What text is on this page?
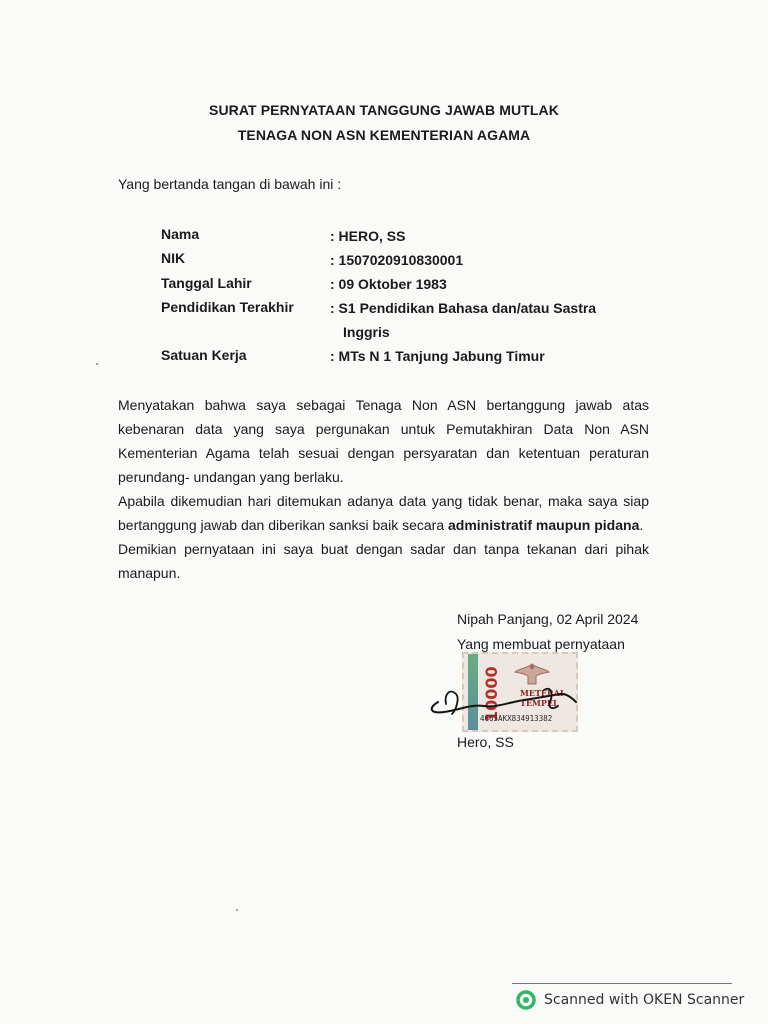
SURAT PERNYATAAN TANGGUNG JAWAB MUTLAK
TENAGA NON ASN KEMENTERIAN AGAMA
Yang bertanda tangan di bawah ini :
Nama	: HERO, SS
NIK	: 1507020910830001
Tanggal Lahir	: 09 Oktober 1983
Pendidikan Terakhir	: S1 Pendidikan Bahasa dan/atau Sastra
Inggris
Satuan Kerja	: MTs N 1 Tanjung Jabung Timur

Menyatakan bahwa saya sebagai Tenaga Non ASN bertanggung jawab atas kebenaran data yang saya pergunakan untuk Pemutakhiran Data Non ASN Kementerian Agama telah sesuai dengan persyaratan dan ketentuan peraturan perundang- undangan yang berlaku.

Apabila dikemudian hari ditemukan adanya data yang tidak benar, maka saya siap bertanggung jawab dan diberikan sanksi baik secara administratif maupun pidana.

Demikian pernyataan ini saya buat dengan sadar dan tanpa tekanan dari pihak manapun.

Nipah Panjang, 02 April 2024
Yang membuat pernyataan
10000	METERAI
TEMPEL
4665AKX834913382
Hero, SS
Scanned with OKEN Scanner
